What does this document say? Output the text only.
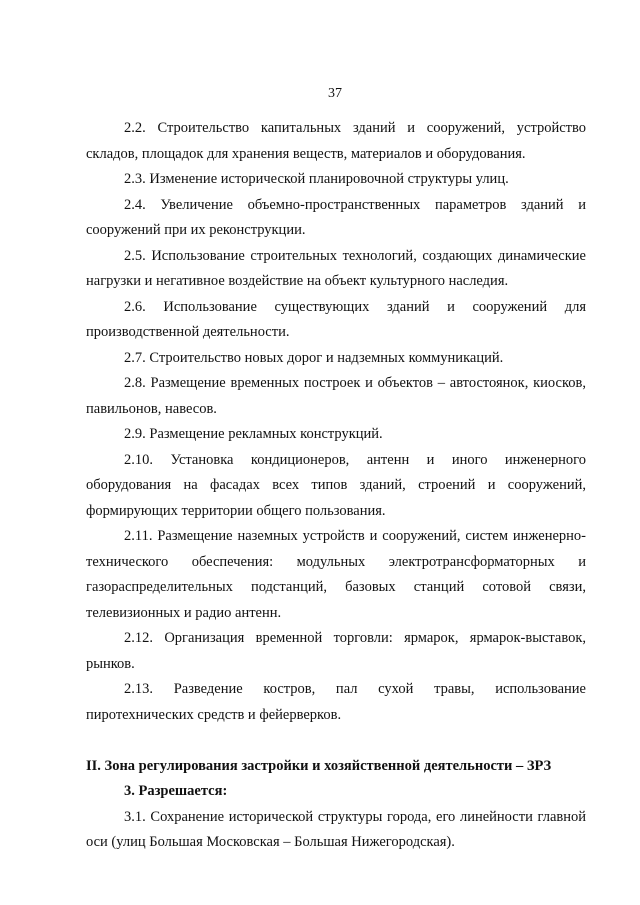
37

2.2. Строительство капитальных зданий и сооружений, устройство
складов, площадок для хранения веществ, материалов и оборудования.

2.3. Изменение исторической планировочной структуры улиц.

2.4. Увеличение объемно-пространственных параметров зданий и
сооружений при их реконструкции.

2.5. Использование строительных технологий, создающих динамические
нагрузки и негативное воздействие на объект культурного наследия.

2.6. Использование существующих зданий и сооружений для
производственной деятельности.

2.7. Строительство новых дорог и надземных коммуникаций.

2.8. Размещение временных построек и объектов – автостоянок, киосков,
павильонов, навесов.

2.9. Размещение рекламных конструкций.

2.10. Установка кондиционеров, антенн и иного инженерного
оборудования на фасадах всех типов зданий, строений и сооружений,
формирующих территории общего пользования.

2.11. Размещение наземных устройств и сооружений, систем инженерно-
технического обеспечения: модульных электротрансформаторных и
газораспределительных подстанций, базовых станций сотовой связи,
телевизионных и радио антенн.

2.12. Организация временной торговли: ярмарок, ярмарок-выставок,
рынков.

2.13. Разведение костров, пал сухой травы, использование
пиротехнических средств и фейерверков.

II. Зона регулирования застройки и хозяйственной деятельности – ЗРЗ

3. Разрешается:

3.1. Сохранение исторической структуры города, его линейности главной
оси (улиц Большая Московская – Большая Нижегородская).
